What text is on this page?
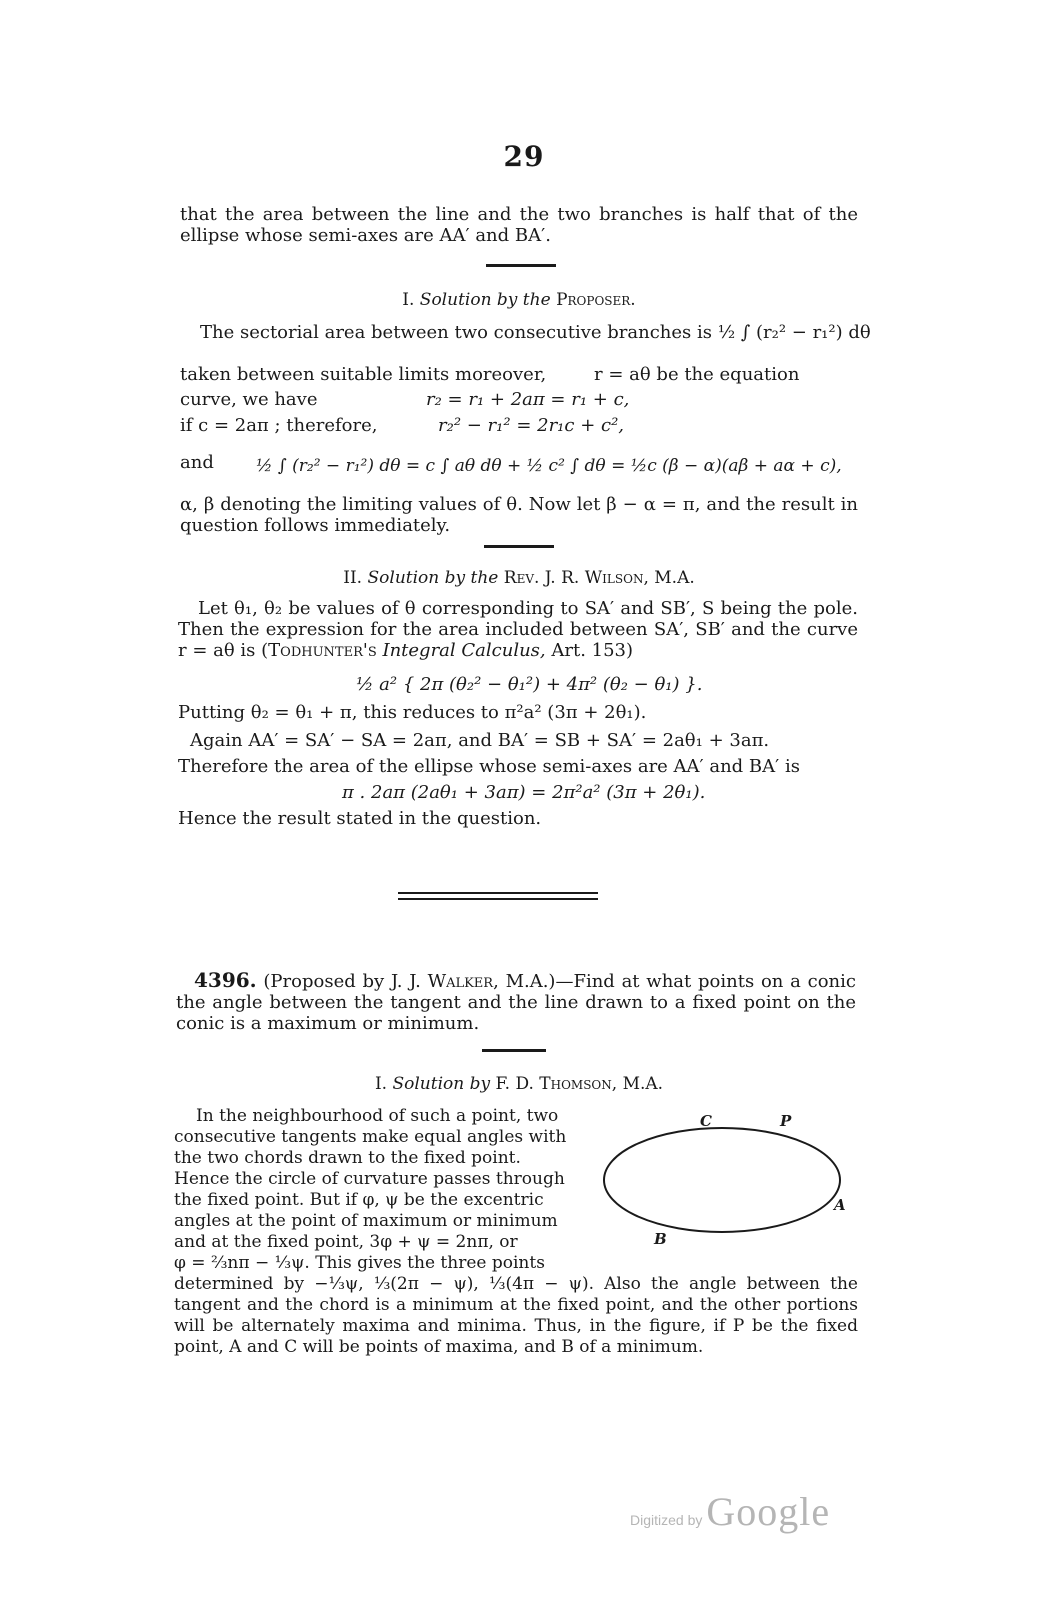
29
that the area between the line and the two branches is half that of the ellipse whose semi-axes are AA′ and BA′.
I. Solution by the Proposer.
The sectorial area between two consecutive branches is ½ ∫ (r₂² − r₁²) dθ
taken between suitable limits moreover,	r = aθ be the equation
curve, we have	r₂ = r₁ + 2aπ = r₁ + c,
if c = 2aπ ; therefore,	r₂² − r₁² = 2r₁c + c²,
and ½ ∫ (r₂² − r₁²) dθ = c ∫ aθ dθ + ½ c² ∫ dθ = ½c (β − α)(aβ + aα + c),
α, β denoting the limiting values of θ. Now let β − α = π, and the result in question follows immediately.
II. Solution by the Rev. J. R. Wilson, M.A.
Let θ₁, θ₂ be values of θ corresponding to SA′ and SB′, S being the pole. Then the expression for the area included between SA′, SB′ and the curve r = aθ is (Todhunter's Integral Calculus, Art. 153)
½ a² { 2π (θ₂² − θ₁²) + 4π² (θ₂ − θ₁) }.
Putting θ₂ = θ₁ + π, this reduces to π²a² (3π + 2θ₁).
Again AA′ = SA′ − SA = 2aπ, and BA′ = SB + SA′ = 2aθ₁ + 3aπ.
Therefore the area of the ellipse whose semi-axes are AA′ and BA′ is
π . 2aπ (2aθ₁ + 3aπ) = 2π²a² (3π + 2θ₁).
Hence the result stated in the question.
4396. (Proposed by J. J. Walker, M.A.)—Find at what points on a conic the angle between the tangent and the line drawn to a fixed point on the conic is a maximum or minimum.
I. Solution by F. D. Thomson, M.A.
In the neighbourhood of such a point, two
consecutive tangents make equal angles with
the two chords drawn to the fixed point.
Hence the circle of curvature passes through
the fixed point. But if φ, ψ be the excentric
angles at the point of maximum or minimum
and at the fixed point, 3φ + ψ = 2nπ, or
φ = ⅔nπ − ⅓ψ. This gives the three points
C	P
A
B
determined by −⅓ψ, ⅓(2π − ψ), ⅓(4π − ψ). Also the angle between the tangent and the chord is a minimum at the fixed point, and the other portions will be alternately maxima and minima. Thus, in the figure, if P be the fixed point, A and C will be points of maxima, and B of a minimum.
Digitized by Google
